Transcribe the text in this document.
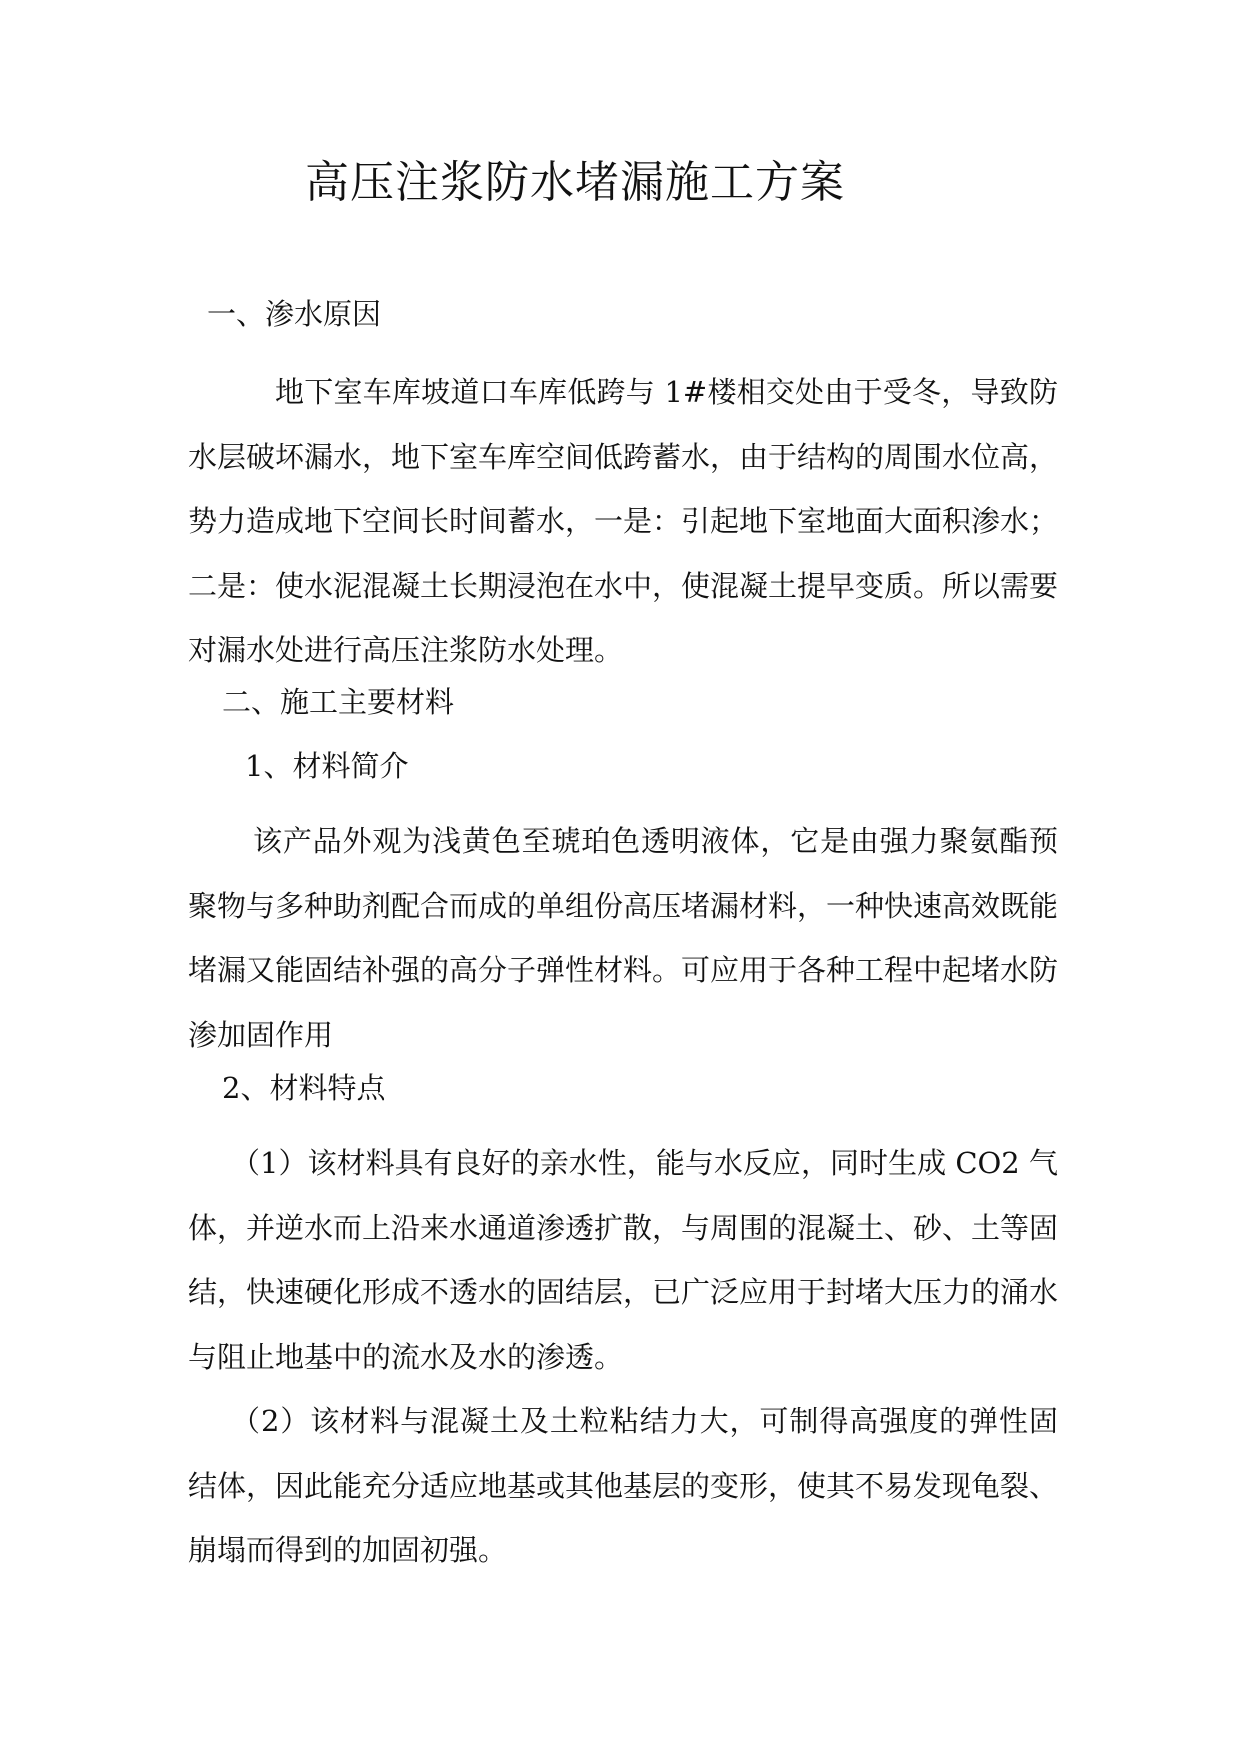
高压注浆防水堵漏施工方案
一、渗水原因
地下室车库坡道口车库低跨与 1#楼相交处由于受冬，导致防水层破坏漏水，地下室车库空间低跨蓄水，由于结构的周围水位高，势力造成地下空间长时间蓄水，一是：引起地下室地面大面积渗水；二是：使水泥混凝土长期浸泡在水中，使混凝土提早变质。所以需要对漏水处进行高压注浆防水处理。
二、施工主要材料
1、材料简介
该产品外观为浅黄色至琥珀色透明液体，它是由强力聚氨酯预聚物与多种助剂配合而成的单组份高压堵漏材料，一种快速高效既能堵漏又能固结补强的高分子弹性材料。可应用于各种工程中起堵水防渗加固作用
2、材料特点
（1）该材料具有良好的亲水性，能与水反应，同时生成 CO2 气体，并逆水而上沿来水通道渗透扩散，与周围的混凝土、砂、土等固结，快速硬化形成不透水的固结层，已广泛应用于封堵大压力的涌水与阻止地基中的流水及水的渗透。
（2）该材料与混凝土及土粒粘结力大，可制得高强度的弹性固结体，因此能充分适应地基或其他基层的变形，使其不易发现龟裂、崩塌而得到的加固初强。
